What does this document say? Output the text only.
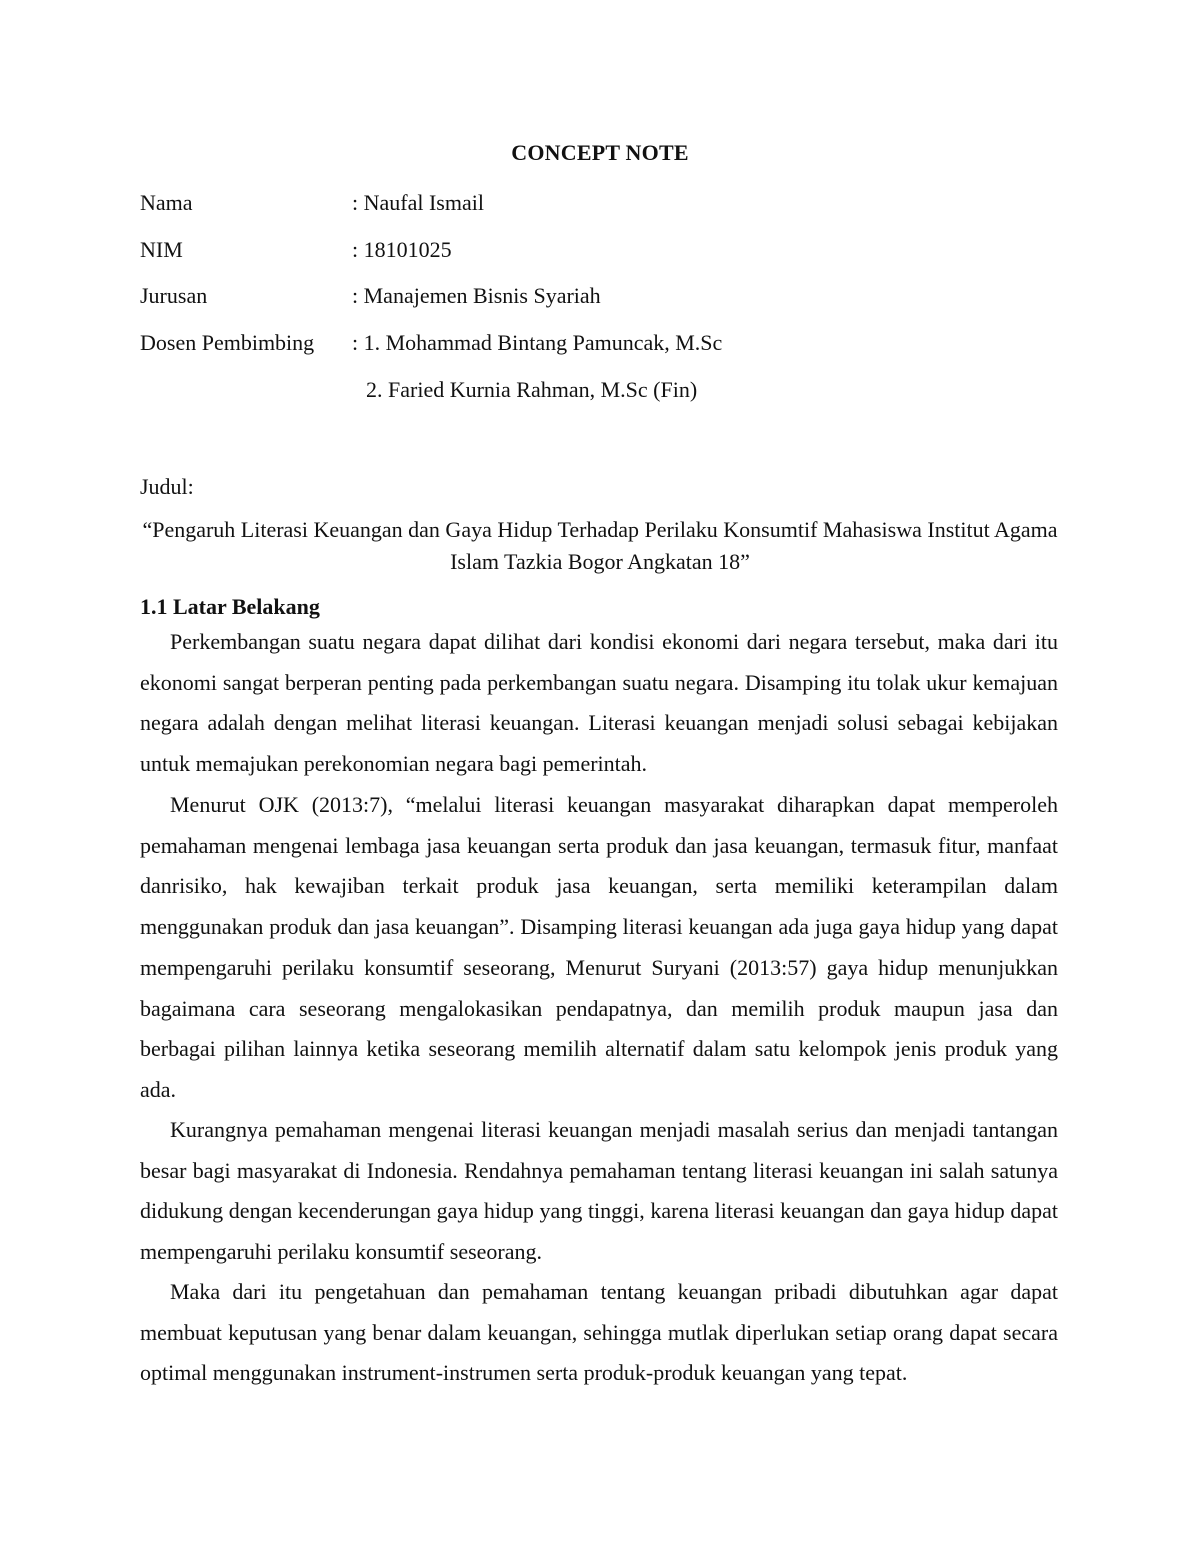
CONCEPT NOTE
Nama	: Naufal Ismail
NIM	: 18101025
Jurusan	: Manajemen Bisnis Syariah
Dosen Pembimbing : 1. Mohammad Bintang Pamuncak, M.Sc
2. Faried Kurnia Rahman, M.Sc (Fin)
Judul:
“Pengaruh Literasi Keuangan dan Gaya Hidup Terhadap Perilaku Konsumtif Mahasiswa Institut Agama Islam Tazkia Bogor Angkatan 18”
1.1 Latar Belakang

Perkembangan suatu negara dapat dilihat dari kondisi ekonomi dari negara tersebut, maka dari itu ekonomi sangat berperan penting pada perkembangan suatu negara. Disamping itu tolak ukur kemajuan negara adalah dengan melihat literasi keuangan. Literasi keuangan menjadi solusi sebagai kebijakan untuk memajukan perekonomian negara bagi pemerintah.

Menurut OJK (2013:7), “melalui literasi keuangan masyarakat diharapkan dapat memperoleh pemahaman mengenai lembaga jasa keuangan serta produk dan jasa keuangan, termasuk fitur, manfaat danrisiko, hak kewajiban terkait produk jasa keuangan, serta memiliki keterampilan dalam menggunakan produk dan jasa keuangan”. Disamping literasi keuangan ada juga gaya hidup yang dapat mempengaruhi perilaku konsumtif seseorang, Menurut Suryani (2013:57) gaya hidup menunjukkan bagaimana cara seseorang mengalokasikan pendapatnya, dan memilih produk maupun jasa dan berbagai pilihan lainnya ketika seseorang memilih alternatif dalam satu kelompok jenis produk yang ada.

Kurangnya pemahaman mengenai literasi keuangan menjadi masalah serius dan menjadi tantangan besar bagi masyarakat di Indonesia. Rendahnya pemahaman tentang literasi keuangan ini salah satunya didukung dengan kecenderungan gaya hidup yang tinggi, karena literasi keuangan dan gaya hidup dapat mempengaruhi perilaku konsumtif seseorang.

Maka dari itu pengetahuan dan pemahaman tentang keuangan pribadi dibutuhkan agar dapat membuat keputusan yang benar dalam keuangan, sehingga mutlak diperlukan setiap orang dapat secara optimal menggunakan instrument-instrumen serta produk-produk keuangan yang tepat.
